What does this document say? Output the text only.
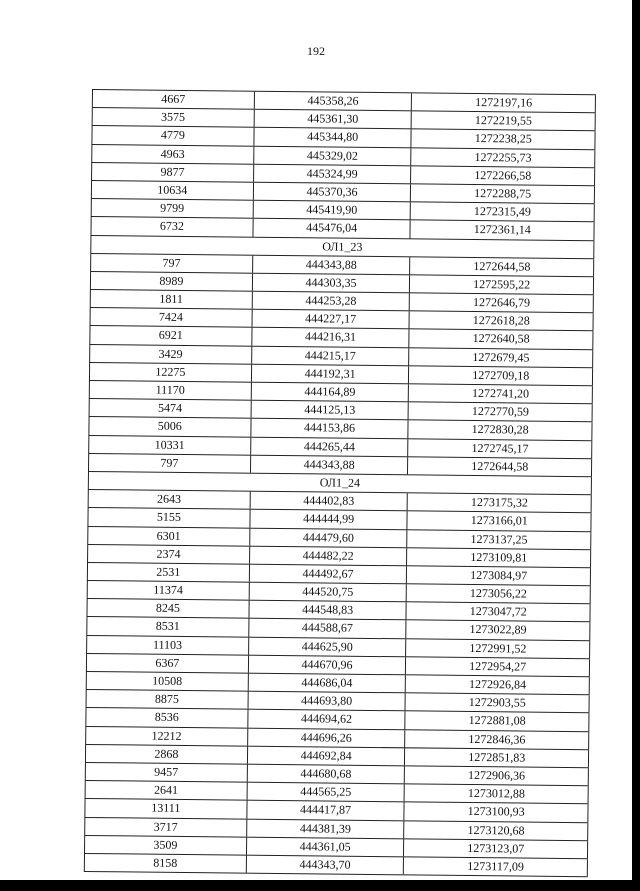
192
4667	445358,26	1272197,16
3575	445361,30	1272219,55
4779	445344,80	1272238,25
4963	445329,02	1272255,73
9877	445324,99	1272266,58
10634	445370,36	1272288,75
9799	445419,90	1272315,49
6732	445476,04	1272361,14
ОЛ1_23
797	444343,88	1272644,58
8989	444303,35	1272595,22
1811	444253,28	1272646,79
7424	444227,17	1272618,28
6921	444216,31	1272640,58
3429	444215,17	1272679,45
12275	444192,31	1272709,18
11170	444164,89	1272741,20
5474	444125,13	1272770,59
5006	444153,86	1272830,28
10331	444265,44	1272745,17
797	444343,88	1272644,58
ОЛ1_24
2643	444402,83	1273175,32
5155	444444,99	1273166,01
6301	444479,60	1273137,25
2374	444482,22	1273109,81
2531	444492,67	1273084,97
11374	444520,75	1273056,22
8245	444548,83	1273047,72
8531	444588,67	1273022,89
11103	444625,90	1272991,52
6367	444670,96	1272954,27
10508	444686,04	1272926,84
8875	444693,80	1272903,55
8536	444694,62	1272881,08
12212	444696,26	1272846,36
2868	444692,84	1272851,83
9457	444680,68	1272906,36
2641	444565,25	1273012,88
13111	444417,87	1273100,93
3717	444381,39	1273120,68
3509	444361,05	1273123,07
8158	444343,70	1273117,09
